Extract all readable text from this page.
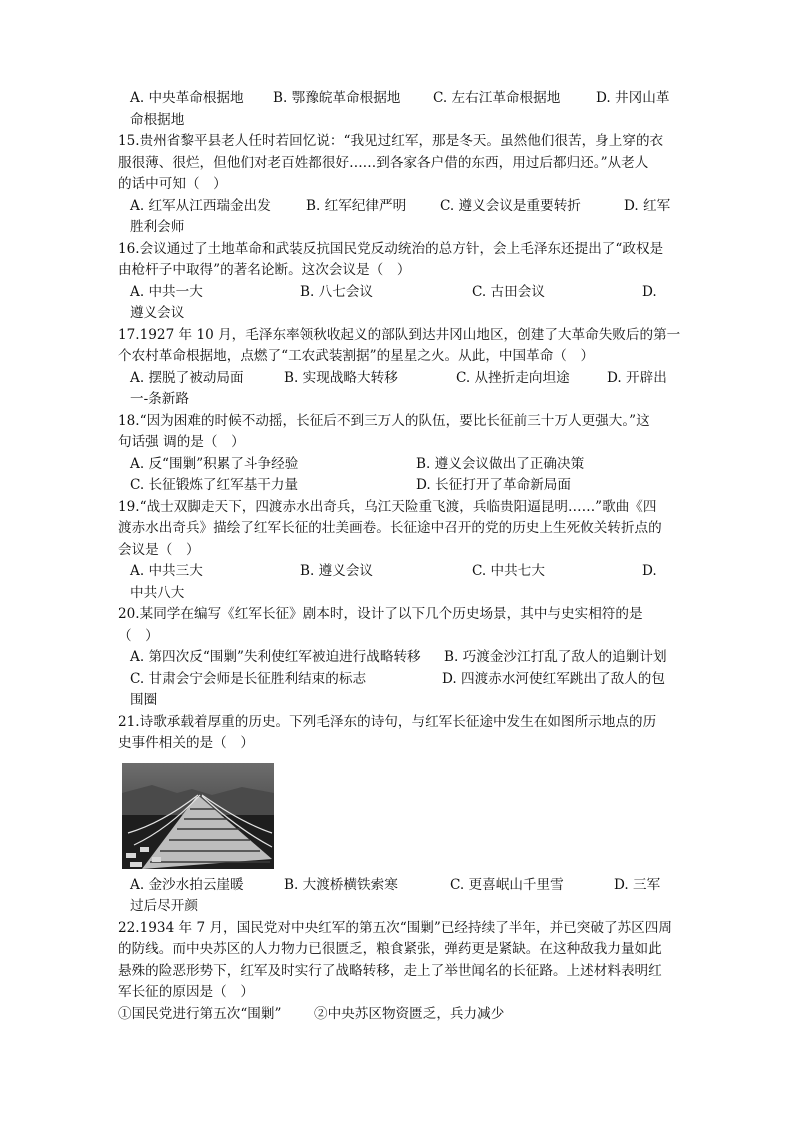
A. 中央革命根据地 B. 鄂豫皖革命根据地 C. 左右江革命根据地	D. 井冈山革
命根据地
15.贵州省黎平县老人任时若回忆说：“我见过红军，那是冬天。虽然他们很苦，身上穿的衣
服很薄、很烂，但他们对老百姓都很好……到各家各户借的东西，用过后都归还。”从老人
的话中可知（　）
A. 红军从江西瑞金出发	B. 红军纪律严明 C. 遵义会议是重要转折	D. 红军
胜利会师
16.会议通过了土地革命和武装反抗国民党反动统治的总方针，会上毛泽东还提出了“政权是
由枪杆子中取得”的著名论断。这次会议是（　）
A. 中共一大	B. 八七会议	C. 古田会议	D.
遵义会议
17.1927 年 10 月，毛泽东率领秋收起义的部队到达井冈山地区，创建了大革命失败后的第一
个农村革命根据地，点燃了“工农武装割据”的星星之火。从此，中国革命（　）
A. 摆脱了被动局面	B. 实现战略大转移	C. 从挫折走向坦途	D. 开辟出
一-条新路
18.“因为困难的时候不动摇，长征后不到三万人的队伍，要比长征前三十万人更强大。”这
句话强 调的是（　）
A. 反“围剿”积累了斗争经验	B. 遵义会议做出了正确决策
C. 长征锻炼了红军基干力量	D. 长征打开了革命新局面
19.“战士双脚走天下，四渡赤水出奇兵，乌江天险重飞渡，兵临贵阳逼昆明……”歌曲《四
渡赤水出奇兵》描绘了红军长征的壮美画卷。长征途中召开的党的历史上生死攸关转折点的
会议是（　）
A. 中共三大	B. 遵义会议	C. 中共七大	D.
中共八大
20.某同学在编写《红军长征》剧本时，设计了以下几个历史场景，其中与史实相符的是
（　）
A. 第四次反“围剿”失利使红军被迫进行战略转移 B. 巧渡金沙江打乱了敌人的追剿计划
C. 甘肃会宁会师是长征胜利结束的标志	D. 四渡赤水河使红军跳出了敌人的包
围圈
21.诗歌承载着厚重的历史。下列毛泽东的诗句，与红军长征途中发生在如图所示地点的历
史事件相关的是（　）
A. 金沙水拍云崖暖	B. 大渡桥横铁索寒	C. 更喜岷山千里雪	D. 三军
过后尽开颜
22.1934 年 7 月，国民党对中央红军的第五次“围剿”已经持续了半年，并已突破了苏区四周
的防线。而中央苏区的人力物力已很匮乏，粮食紧张，弹药更是紧缺。在这种敌我力量如此
悬殊的险恶形势下，红军及时实行了战略转移，走上了举世闻名的长征路。上述材料表明红
军长征的原因是（　）
①国民党进行第五次“围剿” ②中央苏区物资匮乏，兵力减少
